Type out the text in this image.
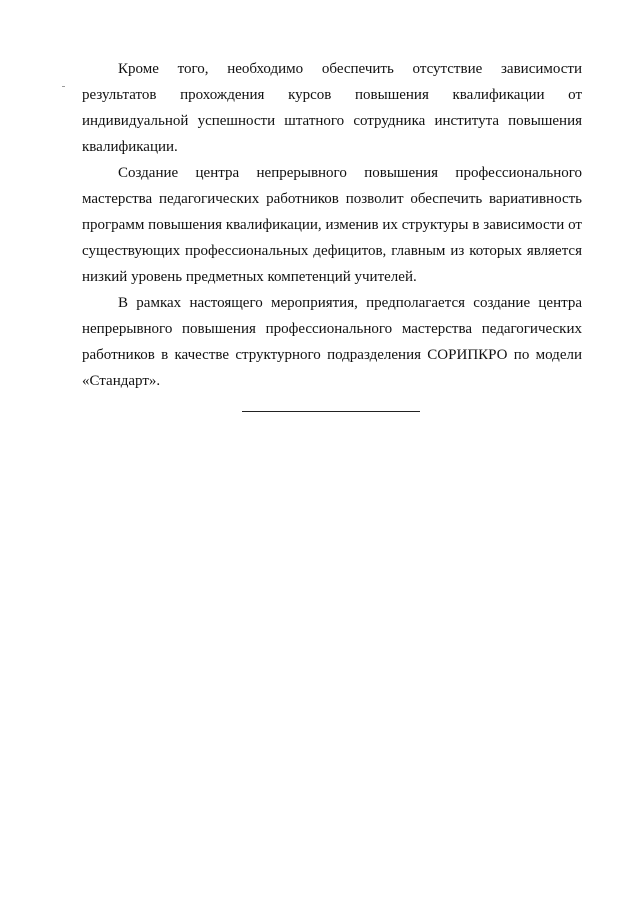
Кроме того, необходимо обеспечить отсутствие зависимости результатов прохождения курсов повышения квалификации от индивидуальной успешности штатного сотрудника института повышения квалификации.

Создание центра непрерывного повышения профессионального мастерства педагогических работников позволит обеспечить вариативность программ повышения квалификации, изменив их структуры в зависимости от существующих профессиональных дефицитов, главным из которых является низкий уровень предметных компетенций учителей.

В рамках настоящего мероприятия, предполагается создание центра непрерывного повышения профессионального мастерства педагогических работников в качестве структурного подразделения СОРИПКРО по модели «Стандарт».
